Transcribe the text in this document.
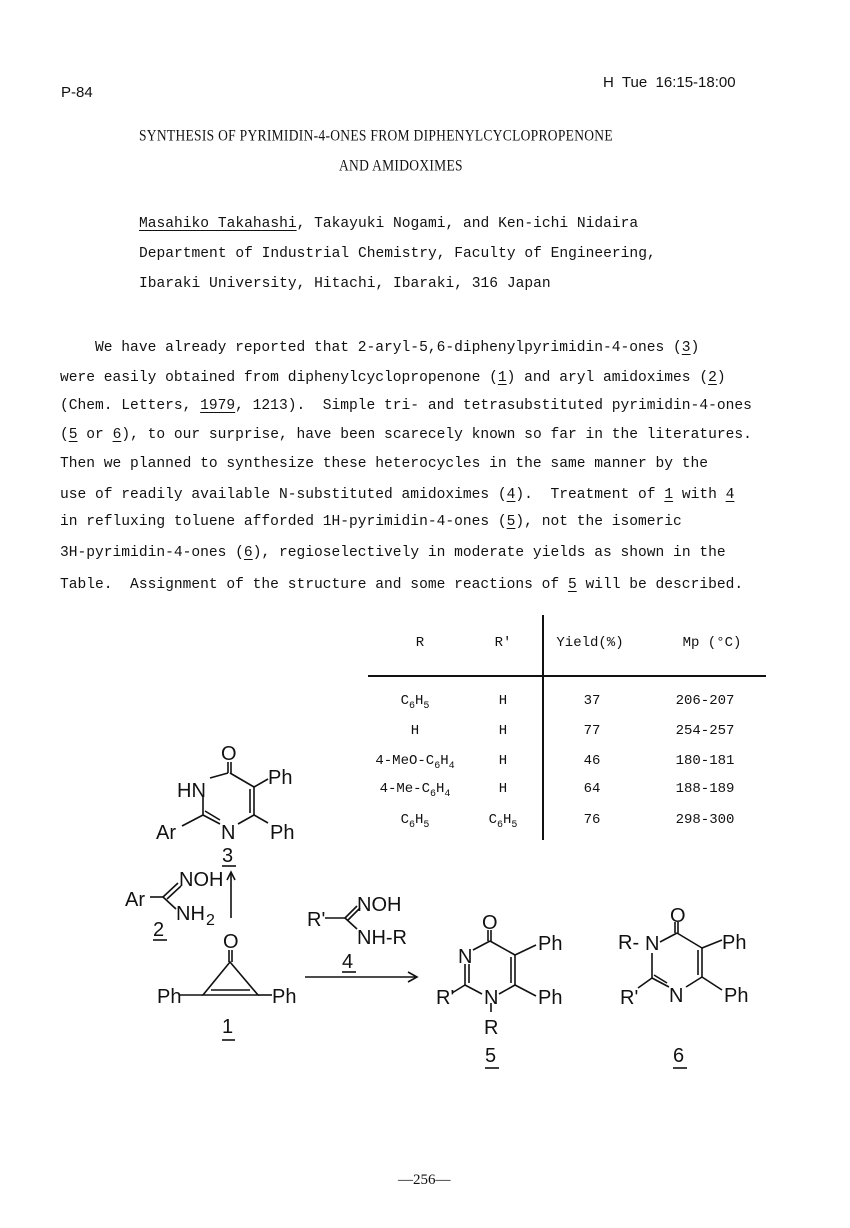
P-84
H  Tue  16:15-18:00
SYNTHESIS OF PYRIMIDIN-4-ONES FROM DIPHENYLCYCLOPROPENONE
AND AMIDOXIMES
Masahiko Takahashi, Takayuki Nogami, and Ken-ichi Nidaira
Department of Industrial Chemistry, Faculty of Engineering,
Ibaraki University, Hitachi, Ibaraki, 316 Japan
We have already reported that 2-aryl-5,6-diphenylpyrimidin-4-ones (3)
were easily obtained from diphenylcyclopropenone (1) and aryl amidoximes (2)
(Chem. Letters, 1979, 1213).  Simple tri- and tetrasubstituted pyrimidin-4-ones
(5 or 6), to our surprise, have been scarecely known so far in the literatures.
Then we planned to synthesize these heterocycles in the same manner by the
use of readily available N-substituted amidoximes (4).  Treatment of 1 with 4
in refluxing toluene afforded 1H-pyrimidin-4-ones (5), not the isomeric
3H-pyrimidin-4-ones (6), regioselectively in moderate yields as shown in the
Table.  Assignment of the structure and some reactions of 5 will be described.
R	R'	Yield(%)	Mp (°C)
$C_6H_5$	H	37	206-207
H	H	77	254-257
$4-MeO-C_6H_4$	H	46	180-181
$4-Me-C_6H_4$	H	64	188-189
$C_6H_5$	$C_6H_5$	76	298-300
O
HN
Ph
Ar N Ph
3
Ar
NOH
NH 2
2
O
Ph	Ph
1
R'
NOH
NH-R
4
O
N
Ph
R' N Ph
R
5
O
R- N	Ph
R' N Ph
6
—256—
